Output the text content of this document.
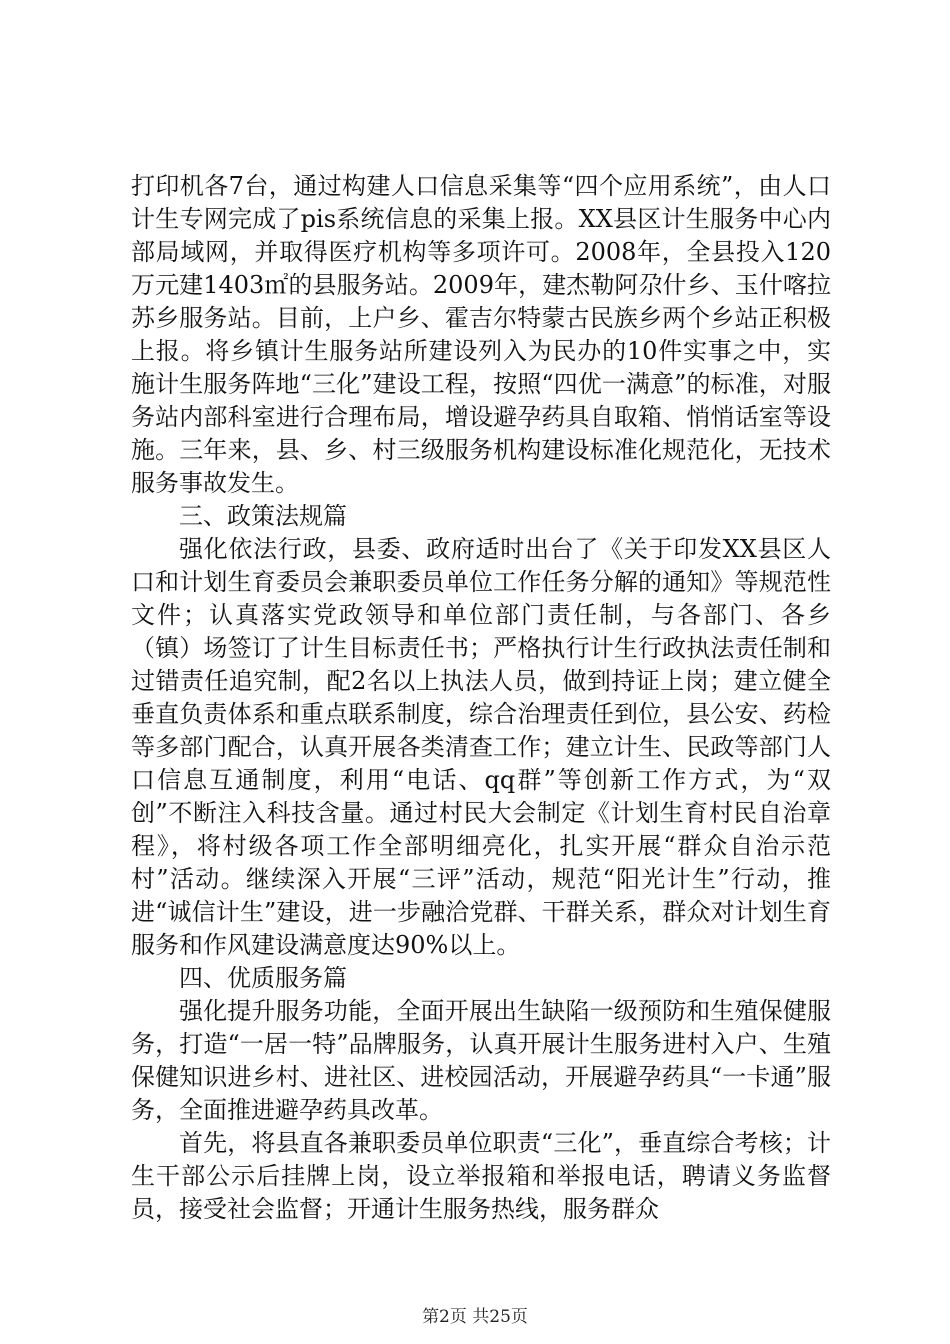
打印机各7台，通过构建人口信息采集等“四个应用系统”，由人口计生专网完成了pis系统信息的采集上报。XX县区计生服务中心内部局域网，并取得医疗机构等多项许可。2008年，全县投入120万元建1403㎡的县服务站。2009年，建杰勒阿尕什乡、玉什喀拉苏乡服务站。目前，上户乡、霍吉尔特蒙古民族乡两个乡站正积极上报。将乡镇计生服务站所建设列入为民办的10件实事之中，实施计生服务阵地“三化”建设工程，按照“四优一满意”的标准，对服务站内部科室进行合理布局，增设避孕药具自取箱、悄悄话室等设施。三年来，县、乡、村三级服务机构建设标准化规范化，无技术服务事故发生。

三、政策法规篇

强化依法行政，县委、政府适时出台了《关于印发XX县区人口和计划生育委员会兼职委员单位工作任务分解的通知》等规范性文件；认真落实党政领导和单位部门责任制，与各部门、各乡（镇）场签订了计生目标责任书；严格执行计生行政执法责任制和过错责任追究制，配2名以上执法人员，做到持证上岗；建立健全垂直负责体系和重点联系制度，综合治理责任到位，县公安、药检等多部门配合，认真开展各类清查工作；建立计生、民政等部门人口信息互通制度，利用“电话、qq群”等创新工作方式，为“双创”不断注入科技含量。通过村民大会制定《计划生育村民自治章程》，将村级各项工作全部明细亮化，扎实开展“群众自治示范村”活动。继续深入开展“三评”活动，规范“阳光计生”行动，推进“诚信计生”建设，进一步融洽党群、干群关系，群众对计划生育服务和作风建设满意度达90%以上。

四、优质服务篇

强化提升服务功能，全面开展出生缺陷一级预防和生殖保健服务，打造“一居一特”品牌服务，认真开展计生服务进村入户、生殖保健知识进乡村、进社区、进校园活动，开展避孕药具“一卡通”服务，全面推进避孕药具改革。

首先，将县直各兼职委员单位职责“三化”，垂直综合考核；计生干部公示后挂牌上岗，设立举报箱和举报电话，聘请义务监督员，接受社会监督；开通计生服务热线，服务群众

第2页 共25页
